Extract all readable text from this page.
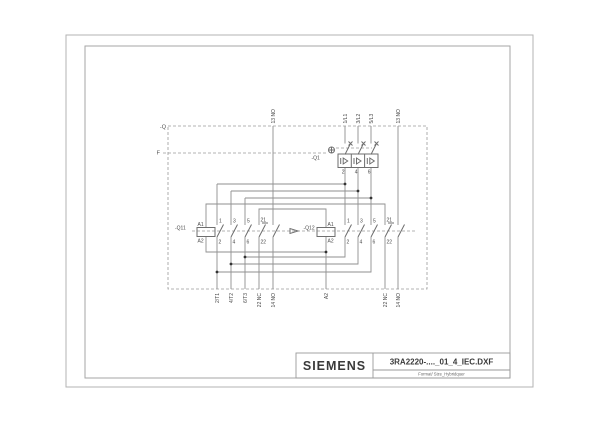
-Q
F
13 NO	1/L1 3/L2 5/L3	13 NO
2/T1 4/T2 6/T3 22 NC 14 NO	A2	22 NC 14 NO
-Q1
2 4 6
-Q11
A1
A2
1 3 5 21
2 4 6 22
-Q12
A1
A2
1 3 5 21
2 4 6 22
SIEMENS	3RA2220-...._01_4_IEC.DXF
Format/ Size_Hybridquer
